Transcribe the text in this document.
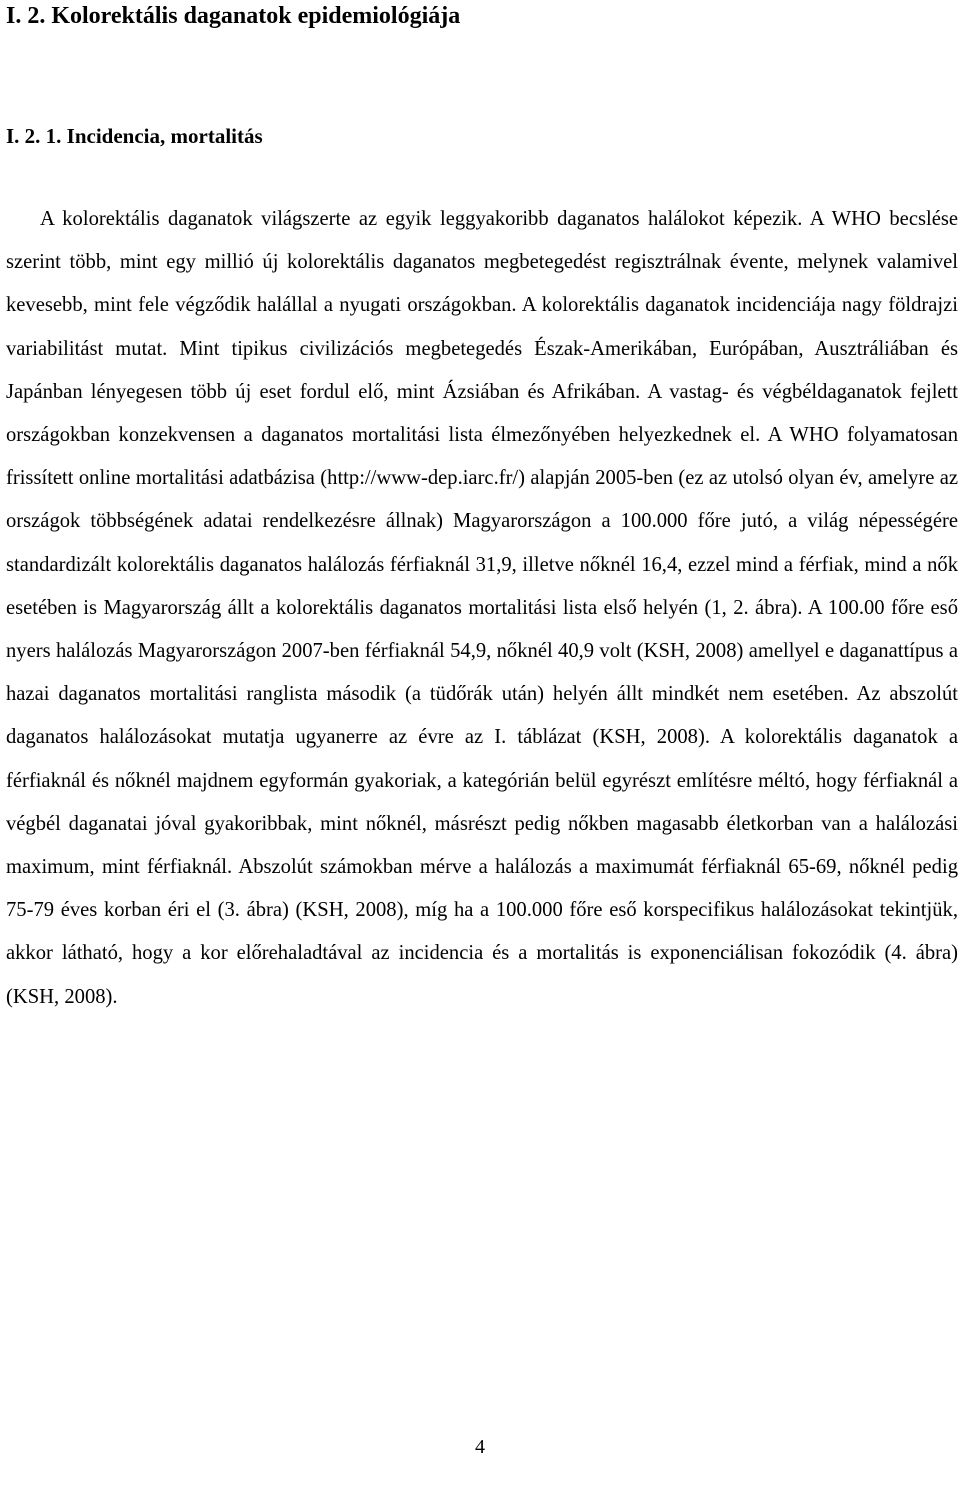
I. 2. Kolorektális daganatok epidemiológiája
I. 2. 1. Incidencia, mortalitás

A kolorektális daganatok világszerte az egyik leggyakoribb daganatos halálokot képezik. A WHO becslése szerint több, mint egy millió új kolorektális daganatos megbetegedést regisztrálnak évente, melynek valamivel kevesebb, mint fele végződik halállal a nyugati országokban. A kolorektális daganatok incidenciája nagy földrajzi variabilitást mutat. Mint tipikus civilizációs megbetegedés Észak-Amerikában, Európában, Ausztráliában és Japánban lényegesen több új eset fordul elő, mint Ázsiában és Afrikában. A vastag- és végbéldaganatok fejlett országokban konzekvensen a daganatos mortalitási lista élmezőnyében helyezkednek el. A WHO folyamatosan frissített online mortalitási adatbázisa (http://www-dep.iarc.fr/) alapján 2005-ben (ez az utolsó olyan év, amelyre az országok többségének adatai rendelkezésre állnak) Magyarországon a 100.000 főre jutó, a világ népességére standardizált kolorektális daganatos halálozás férfiaknál 31,9, illetve nőknél 16,4, ezzel mind a férfiak, mind a nők esetében is Magyarország állt a kolorektális daganatos mortalitási lista első helyén (1, 2. ábra). A 100.00 főre eső nyers halálozás Magyarországon 2007-ben férfiaknál 54,9, nőknél 40,9 volt (KSH, 2008) amellyel e daganattípus a hazai daganatos mortalitási ranglista második (a tüdőrák után) helyén állt mindkét nem esetében. Az abszolút daganatos halálozásokat mutatja ugyanerre az évre az I. táblázat (KSH, 2008). A kolorektális daganatok a férfiaknál és nőknél majdnem egyformán gyakoriak, a kategórián belül egyrészt említésre méltó, hogy férfiaknál a végbél daganatai jóval gyakoribbak, mint nőknél, másrészt pedig nőkben magasabb életkorban van a halálozási maximum, mint férfiaknál. Abszolút számokban mérve a halálozás a maximumát férfiaknál 65-69, nőknél pedig 75-79 éves korban éri el (3. ábra) (KSH, 2008), míg ha a 100.000 főre eső korspecifikus halálozásokat tekintjük, akkor látható, hogy a kor előrehaladtával az incidencia és a mortalitás is exponenciálisan fokozódik (4. ábra) (KSH, 2008).

4
